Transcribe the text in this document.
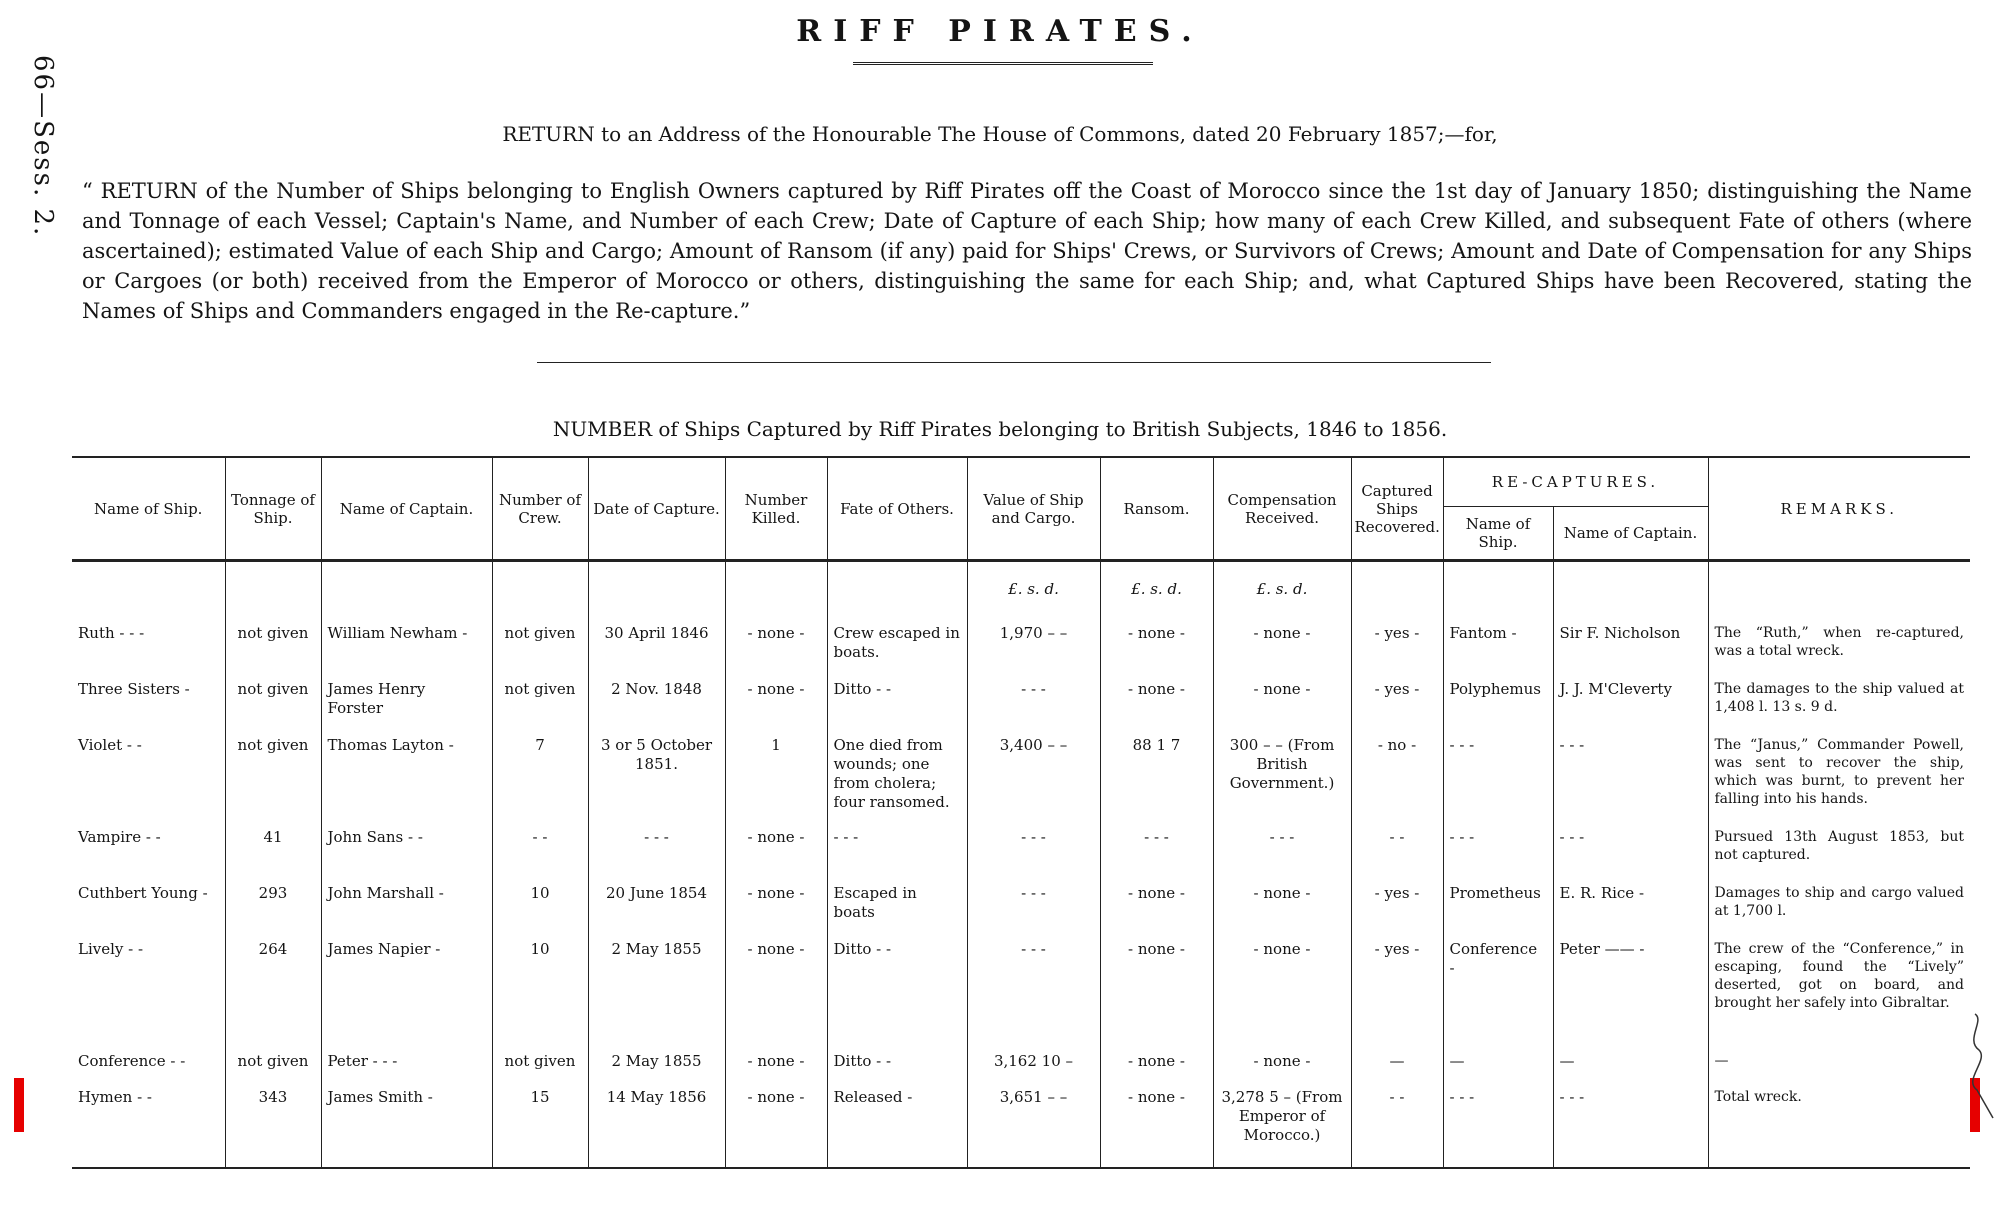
66—Sess. 2.
RIFF PIRATES.
RETURN to an Address of the Honourable The House of Commons, dated 20 February 1857;—for,
“ RETURN of the Number of Ships belonging to English Owners captured by Riff Pirates off the Coast of Morocco since the 1st day of January 1850; distinguishing the Name and Tonnage of each Vessel; Captain's Name, and Number of each Crew; Date of Capture of each Ship; how many of each Crew Killed, and subsequent Fate of others (where ascertained); estimated Value of each Ship and Cargo; Amount of Ransom (if any) paid for Ships' Crews, or Survivors of Crews; Amount and Date of Compensation for any Ships or Cargoes (or both) received from the Emperor of Morocco or others, distinguishing the same for each Ship; and, what Captured Ships have been Recovered, stating the Names of Ships and Commanders engaged in the Re-capture.”
NUMBER of Ships Captured by Riff Pirates belonging to British Subjects, 1846 to 1856.
Name of Ship.	Tonnage of Ship.	Name of Captain.	Number of Crew.	Date of Capture.	Number Killed.	Fate of Others.	Value of Ship and Cargo.	Ransom.	Compensation Received.	Captured Ships Recovered.	RE-CAPTURES.		REMARKS.
											Name of Ship.	Name of Captain.	
							£. s. d.	£. s. d.	£. s. d.				
Ruth - - -	not given	William Newham -	not given	30 April 1846	- none -	Crew escaped in boats.	1,970 – –	- none -	- none -	- yes -	Fantom -	Sir F. Nicholson	The “Ruth,” when re-captured, was a total wreck.
Three Sisters -	not given	James Henry Forster	not given	2 Nov. 1848	- none -	Ditto - -	- - -	- none -	- none -	- yes -	Polyphemus	J. J. M'Cleverty	The damages to the ship valued at 1,408 l. 13 s. 9 d.
Violet - -	not given	Thomas Layton -	7	3 or 5 October 1851.	1	One died from wounds; one from cholera; four ransomed.	3,400 – –	88 1 7	300 – – (From British Government.)	- no -	- - -	- - -	The “Janus,” Commander Powell, was sent to recover the ship, which was burnt, to prevent her falling into his hands.
Vampire - -	41	John Sans - -	- -	- - -	- none -	- - -	- - -	- - -	- - -	- -	- - -	- - -	Pursued 13th August 1853, but not captured.
Cuthbert Young -	293	John Marshall -	10	20 June 1854	- none -	Escaped in boats	- - -	- none -	- none -	- yes -	Prometheus	E. R. Rice -	Damages to ship and cargo valued at 1,700 l.
Lively - -	264	James Napier -	10	2 May 1855	- none -	Ditto - -	- - -	- none -	- none -	- yes -	Conference -	Peter —— -	The crew of the “Conference,” in escaping, found the “Lively” deserted, got on board, and brought her safely into Gibraltar.
Conference - -	not given	Peter - - -	not given	2 May 1855	- none -	Ditto - -	3,162 10 –	- none -	- none -	—	—	—	—
Hymen - -	343	James Smith -	15	14 May 1856	- none -	Released -	3,651 – –	- none -	3,278 5 – (From Emperor of Morocco.)	- -	- - -	- - -	Total wreck.
